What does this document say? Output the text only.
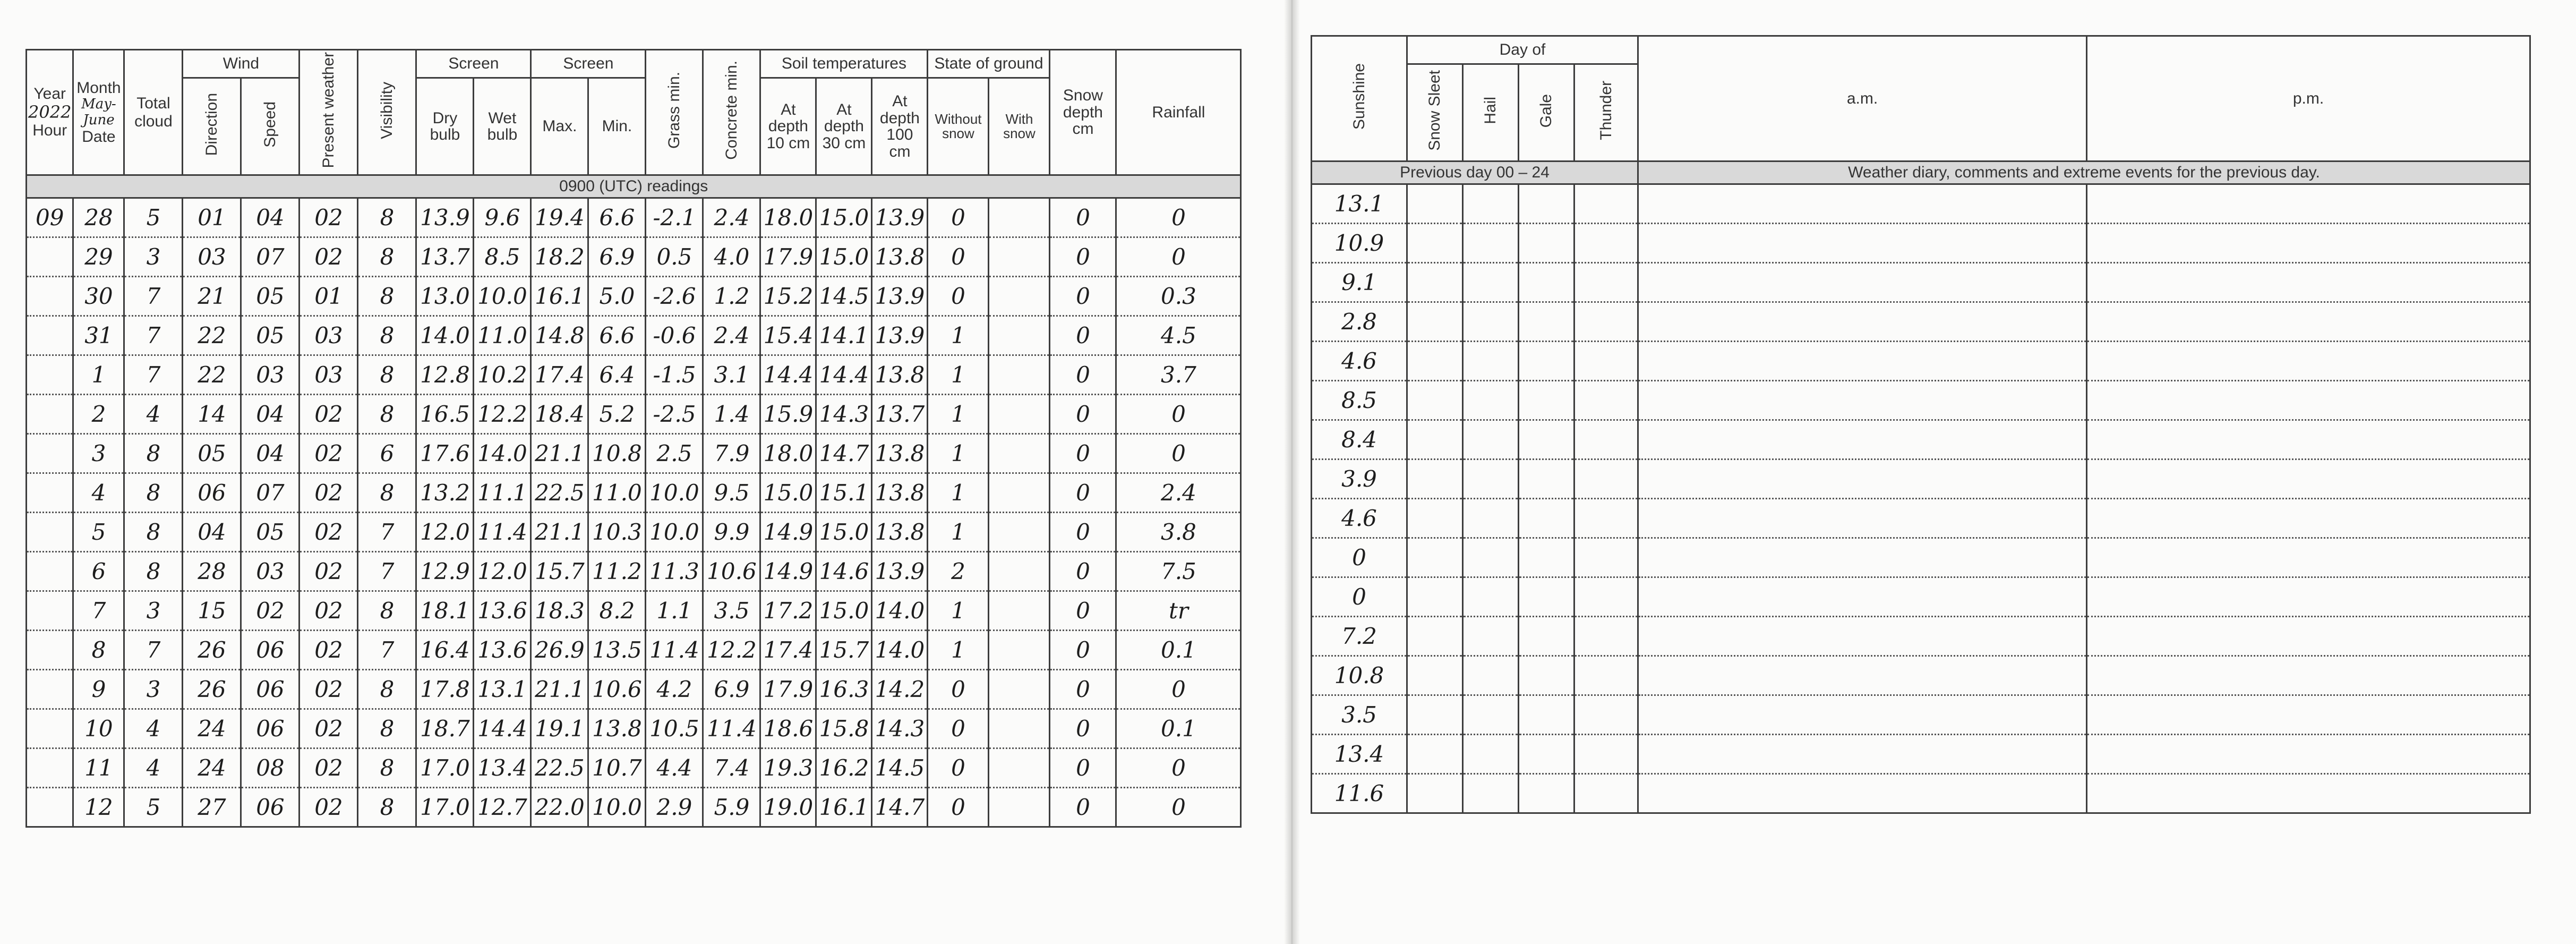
Year
2022
Hour	Month
May-June
Date	Total cloud	Wind		Present weather	Visibility	Screen		Screen		Grass min.	Concrete min.	Soil temperatures			State of ground		Snow
depth
cm	Rainfall
			Direction	Speed			Dry
bulb	Wet
bulb	Max.	Min.			At
depth
10 cm	At
depth
30 cm	At
depth
100 cm	Without
snow	With
snow		

0900 (UTC) readings																			
09	28	5	01	04	02	8	13.9	9.6	19.4	6.6	-2.1	2.4	18.0	15.0	13.9	0		0	0
	29	3	03	07	02	8	13.7	8.5	18.2	6.9	0.5	4.0	17.9	15.0	13.8	0		0	0
	30	7	21	05	01	8	13.0	10.0	16.1	5.0	-2.6	1.2	15.2	14.5	13.9	0		0	0.3
	31	7	22	05	03	8	14.0	11.0	14.8	6.6	-0.6	2.4	15.4	14.1	13.9	1		0	4.5
	1	7	22	03	03	8	12.8	10.2	17.4	6.4	-1.5	3.1	14.4	14.4	13.8	1		0	3.7
	2	4	14	04	02	8	16.5	12.2	18.4	5.2	-2.5	1.4	15.9	14.3	13.7	1		0	0
	3	8	05	04	02	6	17.6	14.0	21.1	10.8	2.5	7.9	18.0	14.7	13.8	1		0	0
	4	8	06	07	02	8	13.2	11.1	22.5	11.0	10.0	9.5	15.0	15.1	13.8	1		0	2.4
	5	8	04	05	02	7	12.0	11.4	21.1	10.3	10.0	9.9	14.9	15.0	13.8	1		0	3.8
	6	8	28	03	02	7	12.9	12.0	15.7	11.2	11.3	10.6	14.9	14.6	13.9	2		0	7.5
	7	3	15	02	02	8	18.1	13.6	18.3	8.2	1.1	3.5	17.2	15.0	14.0	1		0	tr
	8	7	26	06	02	7	16.4	13.6	26.9	13.5	11.4	12.2	17.4	15.7	14.0	1		0	0.1
	9	3	26	06	02	8	17.8	13.1	21.1	10.6	4.2	6.9	17.9	16.3	14.2	0		0	0
	10	4	24	06	02	8	18.7	14.4	19.1	13.8	10.5	11.4	18.6	15.8	14.3	0		0	0.1
	11	4	24	08	02	8	17.0	13.4	22.5	10.7	4.4	7.4	19.3	16.2	14.5	0		0	0
	12	5	27	06	02	8	17.0	12.7	22.0	10.0	2.9	5.9	19.0	16.1	14.7	0		0	0
Sunshine	Day of				a.m.	p.m.
	Snow Sleet	Hail	Gale	Thunder		
Previous day 00 – 24					Weather diary, comments and extreme events for the previous day.	
13.1						
10.9						
9.1						
2.8						
4.6						
8.5						
8.4						
3.9						
4.6						
0						
0						
7.2						
10.8						
3.5						
13.4						
11.6						
